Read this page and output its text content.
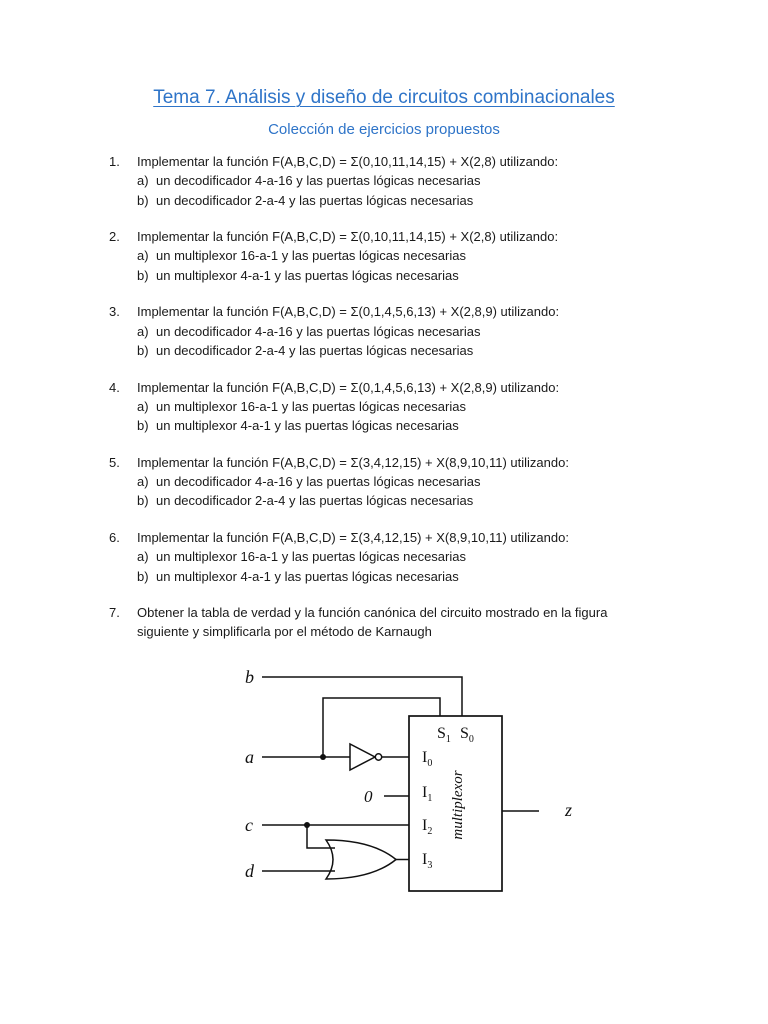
Tema 7. Análisis y diseño de circuitos combinacionales
Colección de ejercicios propuestos
1. Implementar la función F(A,B,C,D) = Σ(0,10,11,14,15) + X(2,8) utilizando:
a) un decodificador 4-a-16 y las puertas lógicas necesarias
b) un decodificador 2-a-4 y las puertas lógicas necesarias
2. Implementar la función F(A,B,C,D) = Σ(0,10,11,14,15) + X(2,8) utilizando:
a) un multiplexor 16-a-1 y las puertas lógicas necesarias
b) un multiplexor 4-a-1 y las puertas lógicas necesarias
3. Implementar la función F(A,B,C,D) = Σ(0,1,4,5,6,13) + X(2,8,9) utilizando:
a) un decodificador 4-a-16 y las puertas lógicas necesarias
b) un decodificador 2-a-4 y las puertas lógicas necesarias
4. Implementar la función F(A,B,C,D) = Σ(0,1,4,5,6,13) + X(2,8,9) utilizando:
a) un multiplexor 16-a-1 y las puertas lógicas necesarias
b) un multiplexor 4-a-1 y las puertas lógicas necesarias
5. Implementar la función F(A,B,C,D) = Σ(3,4,12,15) + X(8,9,10,11) utilizando:
a) un decodificador 4-a-16 y las puertas lógicas necesarias
b) un decodificador 2-a-4 y las puertas lógicas necesarias
6. Implementar la función F(A,B,C,D) = Σ(3,4,12,15) + X(8,9,10,11) utilizando:
a) un multiplexor 16-a-1 y las puertas lógicas necesarias
b) un multiplexor 4-a-1 y las puertas lógicas necesarias
7. Obtener la tabla de verdad y la función canónica del circuito mostrado en la figura
siguiente y simplificarla por el método de Karnaugh
b
a
0
c
d
z
$S_1$ $S_0$
$I_0$
$I_1$
$I_2$
$I_3$
multiplexor
